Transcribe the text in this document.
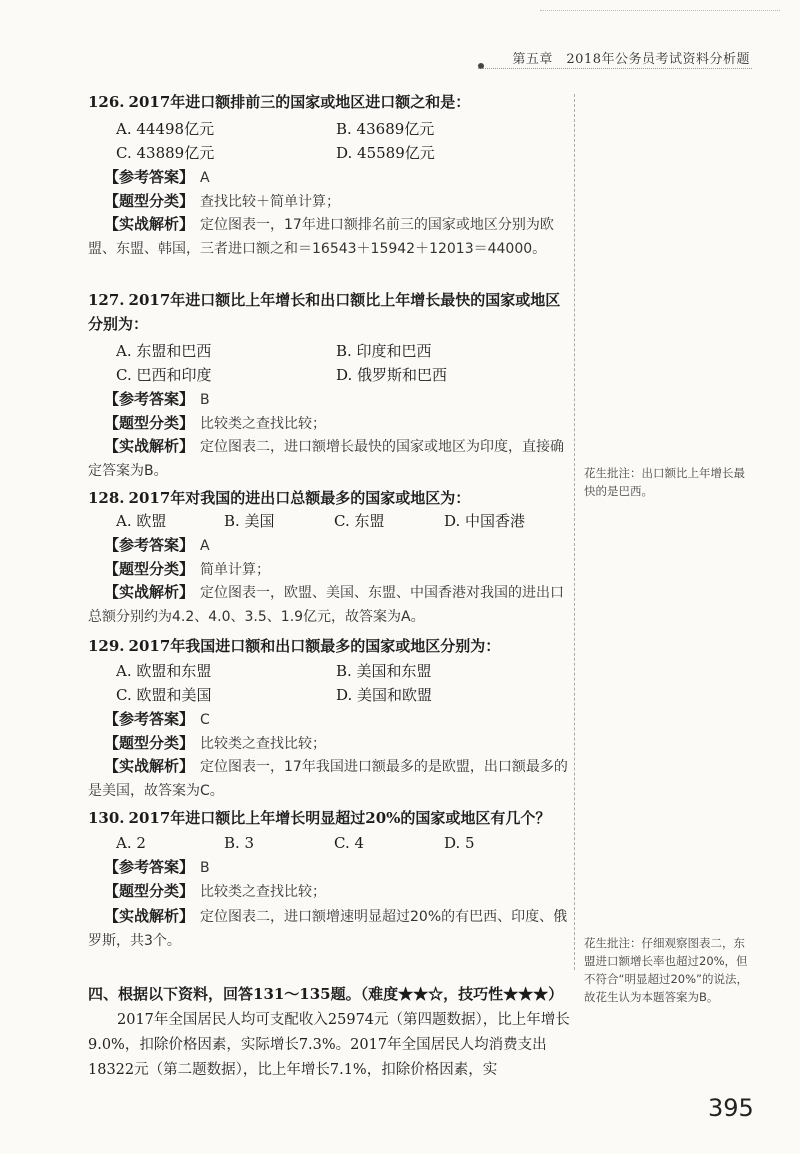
第五章　2018年公务员考试资料分析题
126. 2017年进口额排前三的国家或地区进口额之和是：
A. 44498亿元	B. 43689亿元
C. 43889亿元	D. 45589亿元
【参考答案】 A
【题型分类】 查找比较＋简单计算；
【实战解析】 定位图表一，17年进口额排名前三的国家或地区分别为欧盟、东盟、韩国，三者进口额之和＝16543＋15942＋12013＝44000。
127. 2017年进口额比上年增长和出口额比上年增长最快的国家或地区分别为：
A. 东盟和巴西	B. 印度和巴西
C. 巴西和印度	D. 俄罗斯和巴西
【参考答案】 B
【题型分类】 比较类之查找比较；
【实战解析】 定位图表二，进口额增长最快的国家或地区为印度，直接确定答案为B。	花生批注：出口额比上年增长最快的是巴西。
128. 2017年对我国的进出口总额最多的国家或地区为：
A. 欧盟	B. 美国	C. 东盟	D. 中国香港
【参考答案】 A
【题型分类】 简单计算；
【实战解析】 定位图表一，欧盟、美国、东盟、中国香港对我国的进出口总额分别约为4.2、4.0、3.5、1.9亿元，故答案为A。
129. 2017年我国进口额和出口额最多的国家或地区分别为：
A. 欧盟和东盟	B. 美国和东盟
C. 欧盟和美国	D. 美国和欧盟
【参考答案】 C
【题型分类】 比较类之查找比较；
【实战解析】 定位图表一，17年我国进口额最多的是欧盟，出口额最多的是美国，故答案为C。
130. 2017年进口额比上年增长明显超过20%的国家或地区有几个？
A. 2	B. 3	C. 4	D. 5
【参考答案】 B
【题型分类】 比较类之查找比较；
【实战解析】 定位图表二，进口额增速明显超过20%的有巴西、印度、俄罗斯，共3个。	花生批注：仔细观察图表二，东盟进口额增长率也超过20%，但不符合“明显超过20%”的说法，故花生认为本题答案为B。
四、根据以下资料，回答131～135题。（难度★★☆，技巧性★★★）
2017年全国居民人均可支配收入25974元（第四题数据），比上年增长9.0%，扣除价格因素，实际增长7.3%。2017年全国居民人均消费支出18322元（第二题数据），比上年增长7.1%，扣除价格因素，实
395
